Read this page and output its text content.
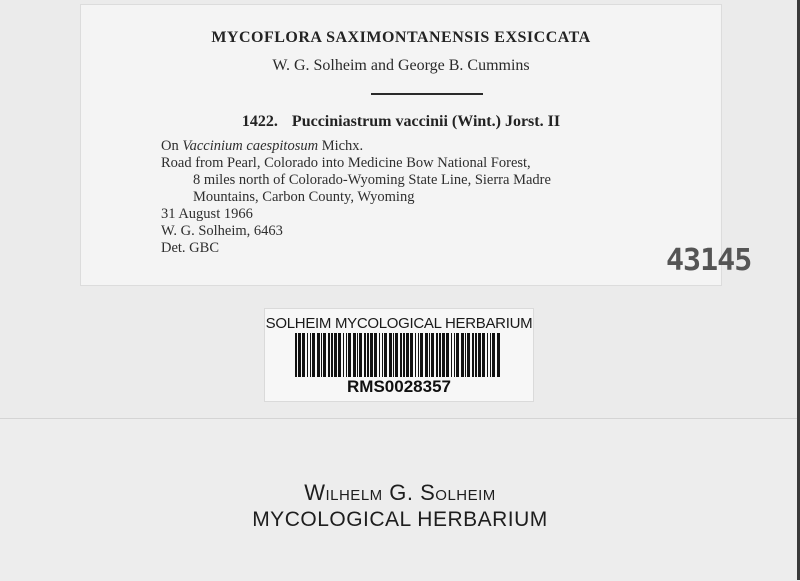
MYCOFLORA SAXIMONTANENSIS EXSICCATA
W. G. Solheim and George B. Cummins
1422. Pucciniastrum vaccinii (Wint.) Jorst. II
On Vaccinium caespitosum Michx.
Road from Pearl, Colorado into Medicine Bow National Forest,
8 miles north of Colorado-Wyoming State Line, Sierra Madre
Mountains, Carbon County, Wyoming
31 August 1966
W. G. Solheim, 6463
Det. GBC	43145
SOLHEIM MYCOLOGICAL HERBARIUM
RMS0028357
Wilhelm G. Solheim
MYCOLOGICAL HERBARIUM
